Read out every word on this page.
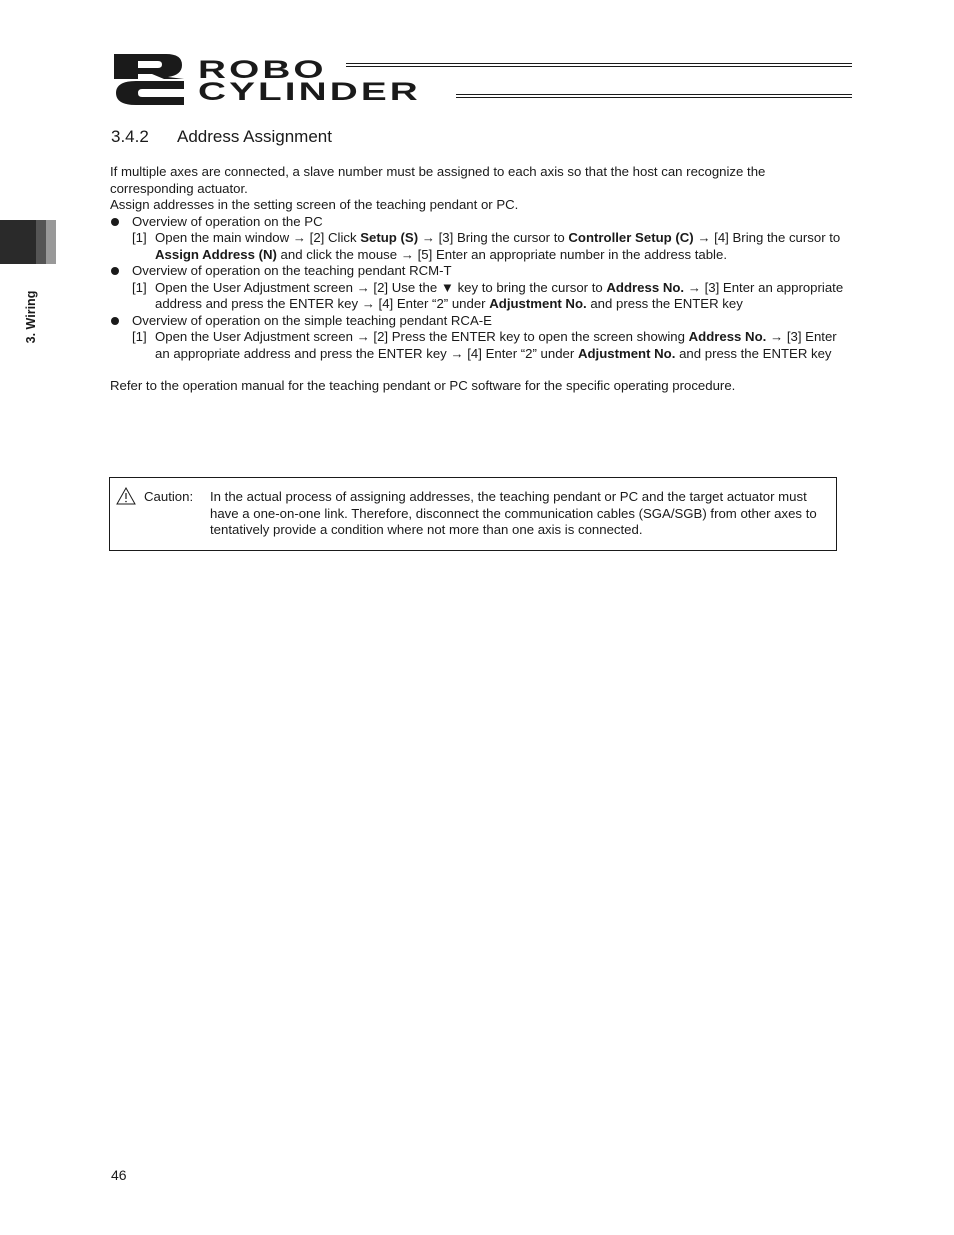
ROBO
CYLINDER
3. Wiring
3.4.2 Address Assignment

If multiple axes are connected, a slave number must be assigned to each axis so that the host can recognize the corresponding actuator.

Assign addresses in the setting screen of the teaching pendant or PC.

Overview of operation on the PC

[1] Open the main window → [2] Click Setup (S) → [3] Bring the cursor to Controller Setup (C) → [4] Bring the cursor to Assign Address (N) and click the mouse → [5] Enter an appropriate number in the address table.

Overview of operation on the teaching pendant RCM-T

[1] Open the User Adjustment screen → [2] Use the ▼ key to bring the cursor to Address No. → [3] Enter an appropriate address and press the ENTER key → [4] Enter “2” under Adjustment No. and press the ENTER key

Overview of operation on the simple teaching pendant RCA-E

[1] Open the User Adjustment screen → [2] Press the ENTER key to open the screen showing Address No. → [3] Enter an appropriate address and press the ENTER key → [4] Enter “2” under Adjustment No. and press the ENTER key

Refer to the operation manual for the teaching pendant or PC software for the specific operating procedure.

Caution: In the actual process of assigning addresses, the teaching pendant or PC and the target actuator must have a one-on-one link. Therefore, disconnect the communication cables (SGA/SGB) from other axes to tentatively provide a condition where not more than one axis is connected.
46
